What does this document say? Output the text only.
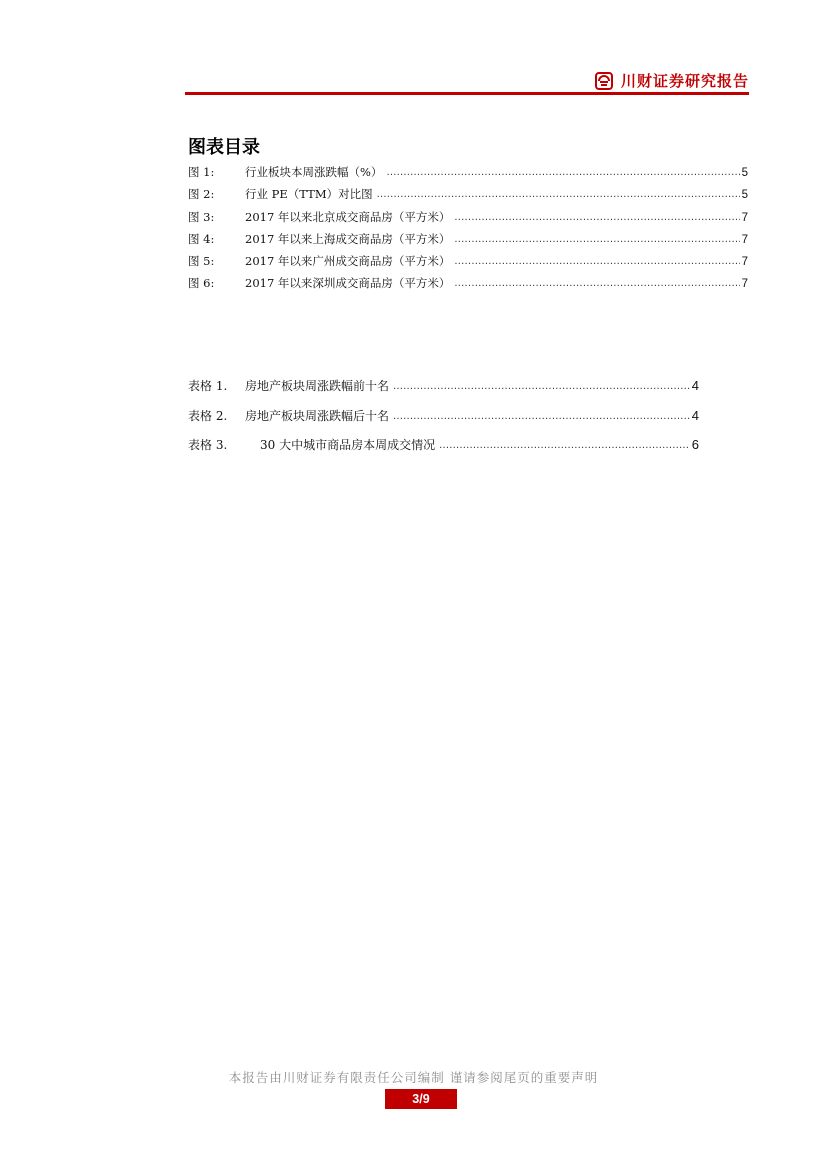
川财证券研究报告
图表目录
图 1:	行业板块本周涨跌幅（%） .....	5
图 2:	行业 PE（TTM）对比图 .....	5
图 3:	2017 年以来北京成交商品房（平方米） .....	7
图 4:	2017 年以来上海成交商品房（平方米） .....	7
图 5:	2017 年以来广州成交商品房（平方米） .....	7
图 6:	2017 年以来深圳成交商品房（平方米） .....	7
表格 1.	房地产板块周涨跌幅前十名 .....	4
表格 2.	房地产板块周涨跌幅后十名 .....	4
表格 3.	30 大中城市商品房本周成交情况 .....	6
本报告由川财证券有限责任公司编制 谨请参阅尾页的重要声明
3/9
